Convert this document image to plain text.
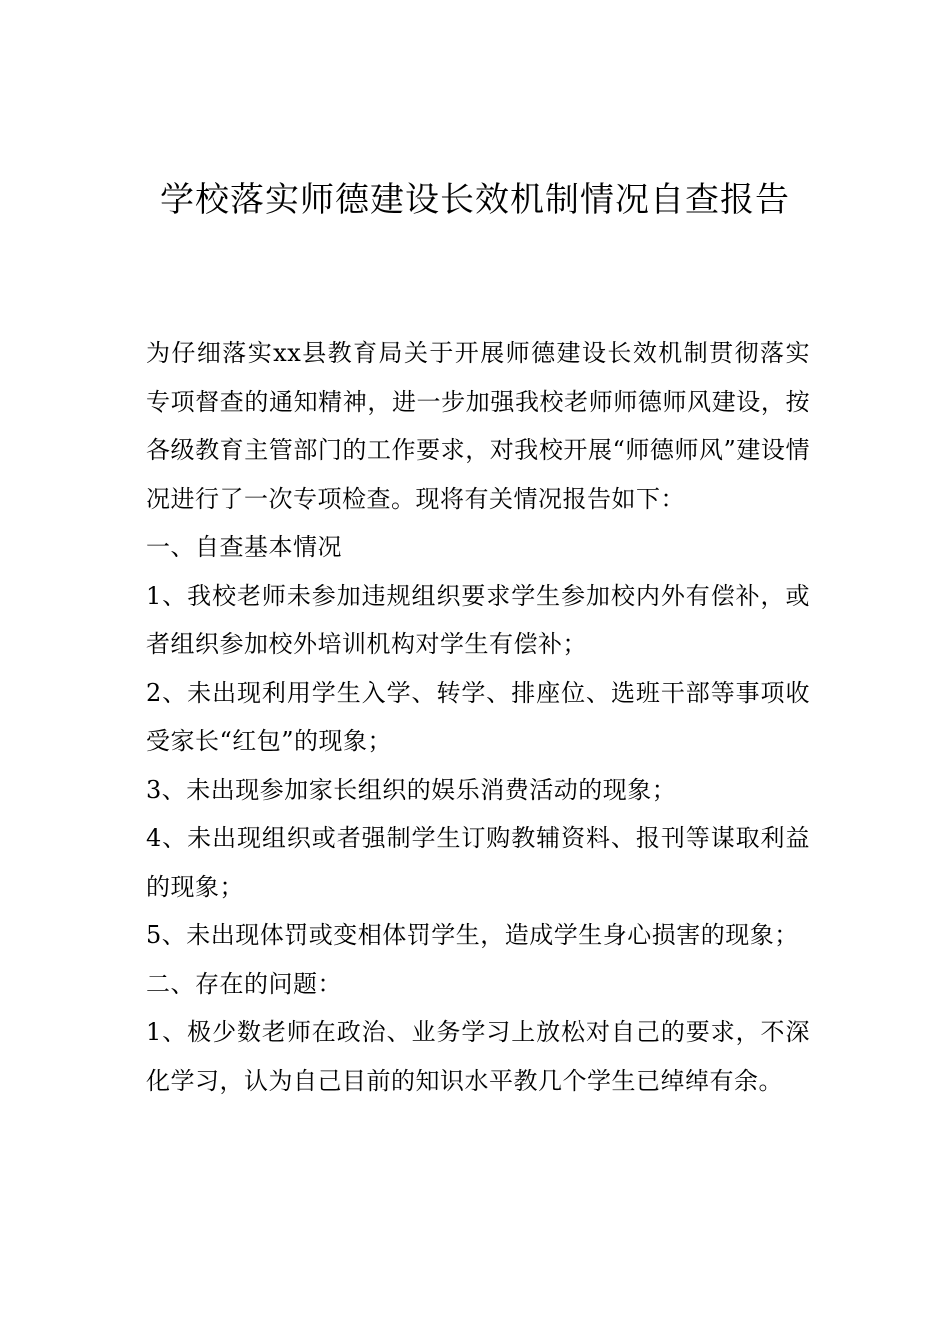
学校落实师德建设长效机制情况自查报告

为仔细落实xx县教育局关于开展师德建设长效机制贯彻落实专项督查的通知精神，进一步加强我校老师师德师风建设，按各级教育主管部门的工作要求，对我校开展“师德师风”建设情况进行了一次专项检查。现将有关情况报告如下：

一、自查基本情况

1、我校老师未参加违规组织要求学生参加校内外有偿补，或者组织参加校外培训机构对学生有偿补；

2、未出现利用学生入学、转学、排座位、选班干部等事项收受家长“红包”的现象；

3、未出现参加家长组织的娱乐消费活动的现象；

4、未出现组织或者强制学生订购教辅资料、报刊等谋取利益的现象；

5、未出现体罚或变相体罚学生，造成学生身心损害的现象；

二、存在的问题：

1、极少数老师在政治、业务学习上放松对自己的要求，不深化学习，认为自己目前的知识水平教几个学生已绰绰有余。
